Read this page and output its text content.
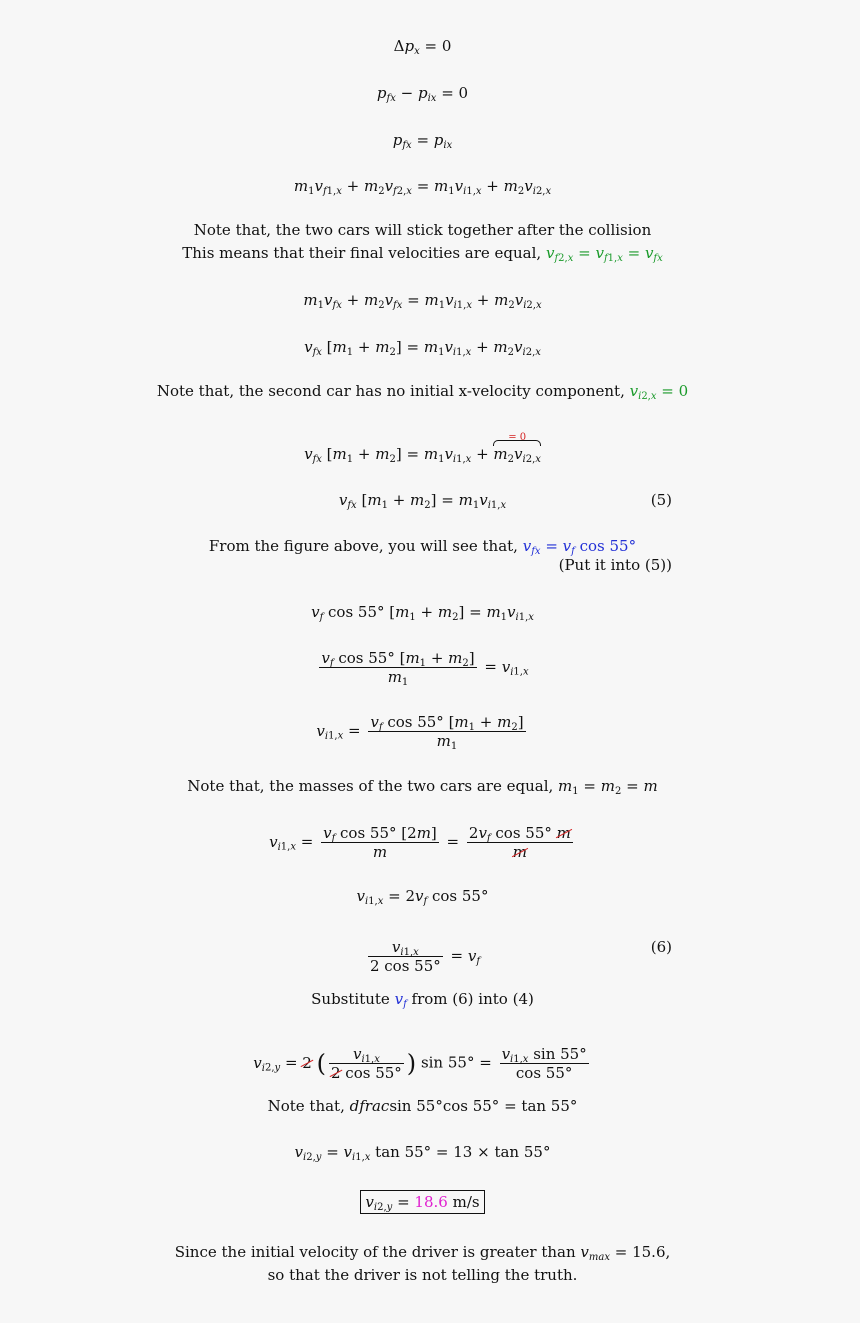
$\Delta p_x = 0$
$p_{fx} - p_{ix} = 0$
$p_{fx} = p_{ix}$
$m_1v_{f1,x} + m_2v_{f2,x} = m_1v_{i1,x} + m_2v_{i2,x}$
Note that, the two cars will stick together after the collision
This means that their final velocities are equal, $v_{f2,x} = v_{f1,x} = v_{fx}$
$m_1v_{fx} + m_2v_{fx} = m_1v_{i1,x} + m_2v_{i2,x}$
$v_{fx}$ $[m_1 + m_2] = m_1v_{i1,x} + m_2v_{i2,x}$
Note that, the second car has no initial x-velocity component, $v_{i2,x} = 0$
$v_{fx}$ $[m_1 + m_2] = m_1v_{i1,x}$ +
= 0
$m_2v_{i2,x}$
$v_{fx}$ $[m_1 + m_2] = m_1v_{i1,x}$	(5)
From the figure above, you will see that, $v_{fx} = v_f$ cos 55°
(Put it into (5))
$v_f$ cos 55° $[m_1 + m_2] = m_1v_{i1,x}$
$\frac{v_f \cos 55^\circ [m_1 + m_2]}{m_1} = v_{i1,x}$
$v_{i1,x} = \frac{v_f \cos 55^\circ [m_1 + m_2]}{m_1}$
Note that, the masses of the two cars are equal, $m_1 = m_2 = m$
$v_{i1,x} = \frac{v_f \cos 55^\circ [2m]}{m} = \frac{2v_f \cos 55^\circ m}{m}$
$v_{i1,x} = 2v_f$ cos 55°
$\frac{v_{i1,x}}{2 \cos 55^\circ} = v_f$
(6)
Substitute $v_f$ from (6) into (4)
$v_{i2,y} = 2$ ( $\frac{v_{i1,x}}{2 \cos 55^\circ}$ ) $\sin 55^\circ = \frac{v_{i1,x} \sin 55^\circ}{\cos 55^\circ}$
Note that, dfracsin 55°cos 55° = tan 55°
$v_{i2,y} = v_{i1,x}$ tan 55° = 13 × tan 55°
$v_{i2,y} = 18.6$ m/s
Since the initial velocity of the driver is greater than $v_{max} = 15.6$,
so that the driver is not telling the truth.
